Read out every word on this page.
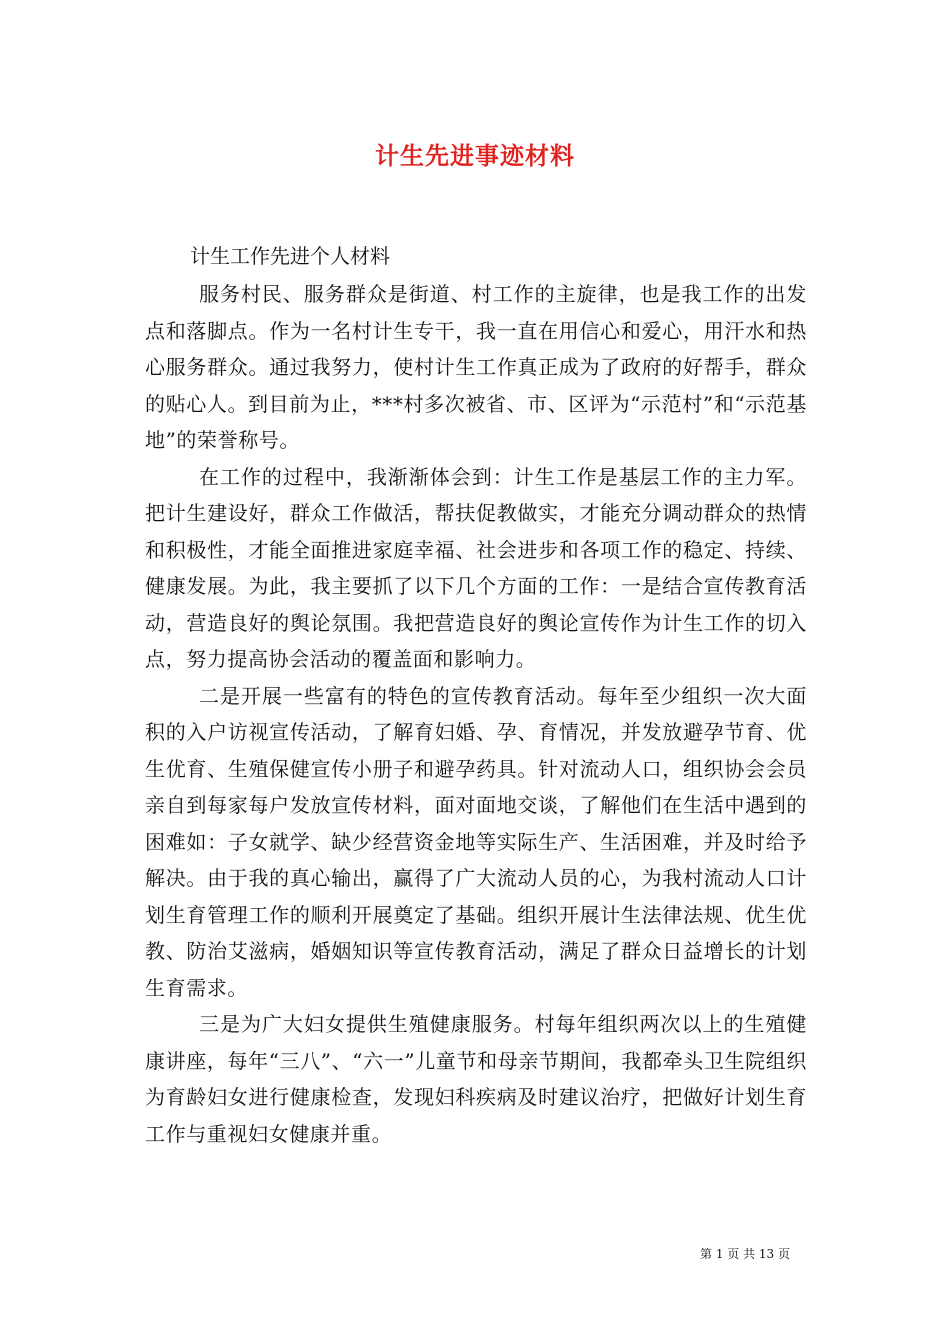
计生先进事迹材料
计生工作先进个人材料

服务村民、服务群众是街道、村工作的主旋律，也是我工作的出发点和落脚点。作为一名村计生专干，我一直在用信心和爱心，用汗水和热心服务群众。通过我努力，使村计生工作真正成为了政府的好帮手，群众的贴心人。到目前为止，***村多次被省、市、区评为“示范村”和“示范基地”的荣誉称号。

在工作的过程中，我渐渐体会到：计生工作是基层工作的主力军。把计生建设好，群众工作做活，帮扶促教做实，才能充分调动群众的热情和积极性，才能全面推进家庭幸福、社会进步和各项工作的稳定、持续、健康发展。为此，我主要抓了以下几个方面的工作：一是结合宣传教育活动，营造良好的舆论氛围。我把营造良好的舆论宣传作为计生工作的切入点，努力提高协会活动的覆盖面和影响力。

二是开展一些富有的特色的宣传教育活动。每年至少组织一次大面积的入户访视宣传活动，了解育妇婚、孕、育情况，并发放避孕节育、优生优育、生殖保健宣传小册子和避孕药具。针对流动人口，组织协会会员亲自到每家每户发放宣传材料，面对面地交谈，了解他们在生活中遇到的困难如：子女就学、缺少经营资金地等实际生产、生活困难，并及时给予解决。由于我的真心输出，赢得了广大流动人员的心，为我村流动人口计划生育管理工作的顺利开展奠定了基础。组织开展计生法律法规、优生优教、防治艾滋病，婚姻知识等宣传教育活动，满足了群众日益增长的计划生育需求。

三是为广大妇女提供生殖健康服务。村每年组织两次以上的生殖健康讲座，每年“三八”、“六一”儿童节和母亲节期间，我都牵头卫生院组织为育龄妇女进行健康检查，发现妇科疾病及时建议治疗，把做好计划生育工作与重视妇女健康并重。

第 1 页 共 13 页
